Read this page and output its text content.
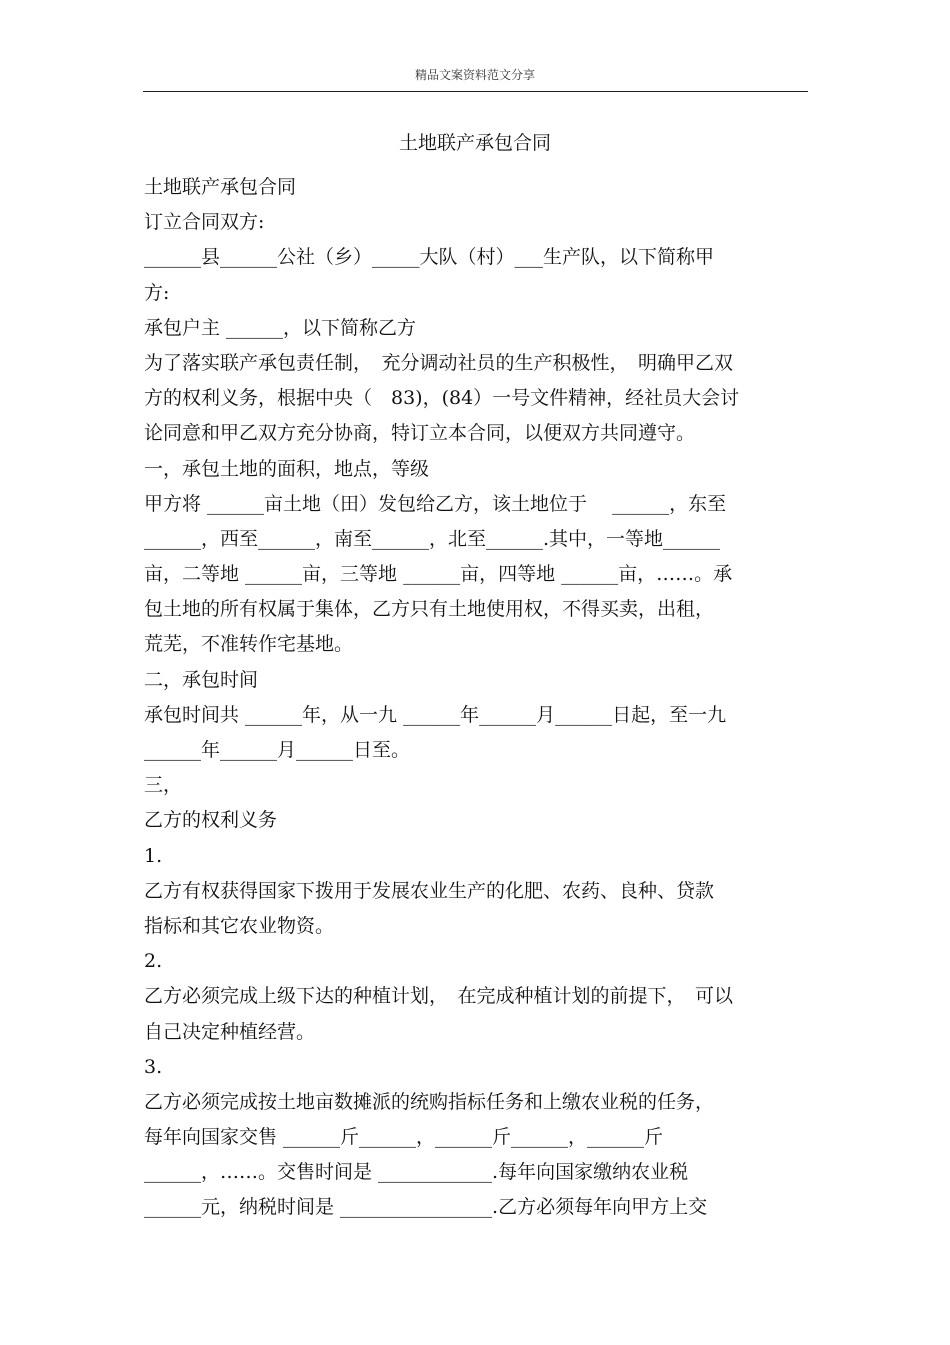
精品文案资料范文分享
土地联产承包合同
土地联产承包合同
订立合同双方:
______县______公社（乡）_____大队（村）___生产队，以下简称甲
方:
承包户主 ______，以下简称乙方
为了落实联产承包责任制，　充分调动社员的生产积极性，　明确甲乙双
方的权利义务，根据中央（　83)，(84）一号文件精神，经社员大会讨
论同意和甲乙双方充分协商，特订立本合同，以便双方共同遵守。
一，承包土地的面积，地点，等级
甲方将 ______亩土地（田）发包给乙方，该土地位于　 ______，东至
______，西至______，南至______，北至______.其中，一等地______
亩，二等地 ______亩，三等地 ______亩，四等地 ______亩，……。承
包土地的所有权属于集体，乙方只有土地使用权，不得买卖，出租，
荒芜，不准转作宅基地。
二，承包时间
承包时间共 ______年，从一九 ______年______月______日起，至一九
______年______月______日至。
三，
乙方的权利义务
1.
乙方有权获得国家下拨用于发展农业生产的化肥、农药、良种、贷款
指标和其它农业物资。
2.
乙方必须完成上级下达的种植计划，　在完成种植计划的前提下，　可以
自己决定种植经营。
3.
乙方必须完成按土地亩数摊派的统购指标任务和上缴农业税的任务，
每年向国家交售 ______斤______，______斤______，______斤
______，……。交售时间是 ____________.每年向国家缴纳农业税
______元，纳税时间是 ________________.乙方必须每年向甲方上交
